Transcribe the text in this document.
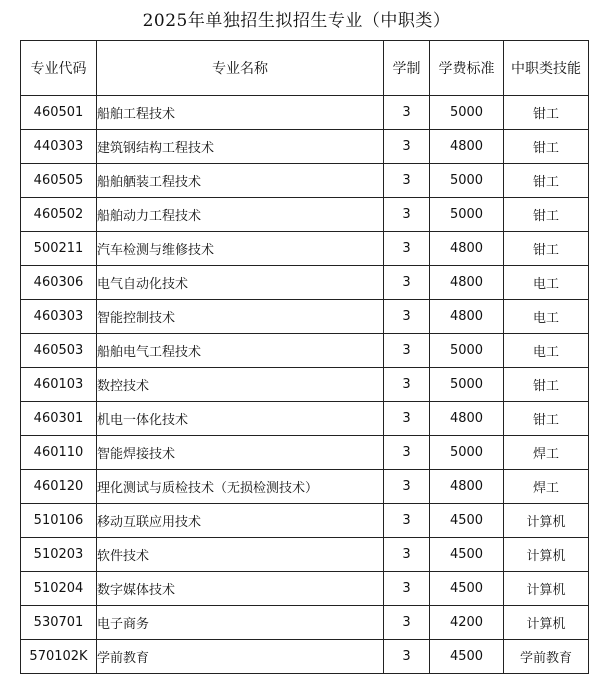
2025年单独招生拟招生专业（中职类）
专业代码	专业名称	学制	学费标准	中职类技能
460501	船舶工程技术	3	5000	钳工
440303	建筑钢结构工程技术	3	4800	钳工
460505	船舶舾装工程技术	3	5000	钳工
460502	船舶动力工程技术	3	5000	钳工
500211	汽车检测与维修技术	3	4800	钳工
460306	电气自动化技术	3	4800	电工
460303	智能控制技术	3	4800	电工
460503	船舶电气工程技术	3	5000	电工
460103	数控技术	3	5000	钳工
460301	机电一体化技术	3	4800	钳工
460110	智能焊接技术	3	5000	焊工
460120	理化测试与质检技术（无损检测技术）	3	4800	焊工
510106	移动互联应用技术	3	4500	计算机
510203	软件技术	3	4500	计算机
510204	数字媒体技术	3	4500	计算机
530701	电子商务	3	4200	计算机
570102K	学前教育	3	4500	学前教育
